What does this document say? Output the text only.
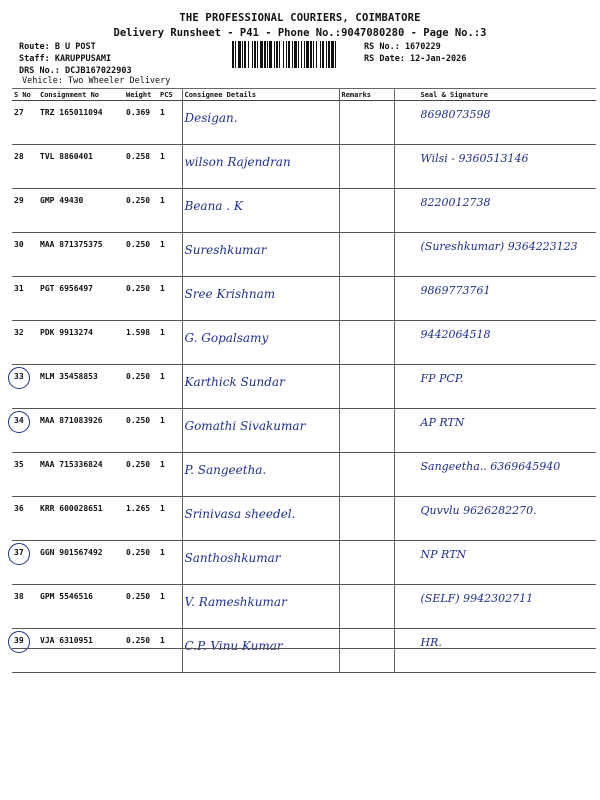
THE PROFESSIONAL COURIERS, COIMBATORE
Delivery Runsheet - P41 - Phone No.:9047080280 - Page No.:3
Route: B U POST
Staff: KARUPPUSAMI
DRS No.: DCJB167022903
Vehicle: Two Wheeler Delivery
RS No.: 1670229
RS Date: 12-Jan-2026
S No	Consignment No	Weight	PCS	Consignee Details	Remarks	Seal & Signature
27	TRZ 165011094	0.369	1	Desigan.		8698073598
28	TVL 8860401	0.258	1	wilson Rajendran		Wilsi - 9360513146
29	GMP 49430	0.250	1	Beana . K		8220012738
30	MAA 871375375	0.250	1	Sureshkumar		(Sureshkumar) 9364223123
31	PGT 6956497	0.250	1	Sree Krishnam		9869773761
32	PDK 9913274	1.598	1	G. Gopalsamy		9442064518

33	MLM 35458853	0.250	1	Karthick Sundar		FP PCP.

34	MAA 871083926	0.250	1	Gomathi Sivakumar		AP RTN
35	MAA 715336824	0.250	1	P. Sangeetha.		Sangeetha.. 6369645940
36	KRR 600028651	1.265	1	Srinivasa sheedel.		Quvvlu 9626282270.

37	GGN 901567492	0.250	1	Santhoshkumar		NP RTN
38	GPM 5546516	0.250	1	V. Rameshkumar		(SELF) 9942302711

39	VJA 6310951	0.250	1	C.P. Vinu Kumar		HR.
